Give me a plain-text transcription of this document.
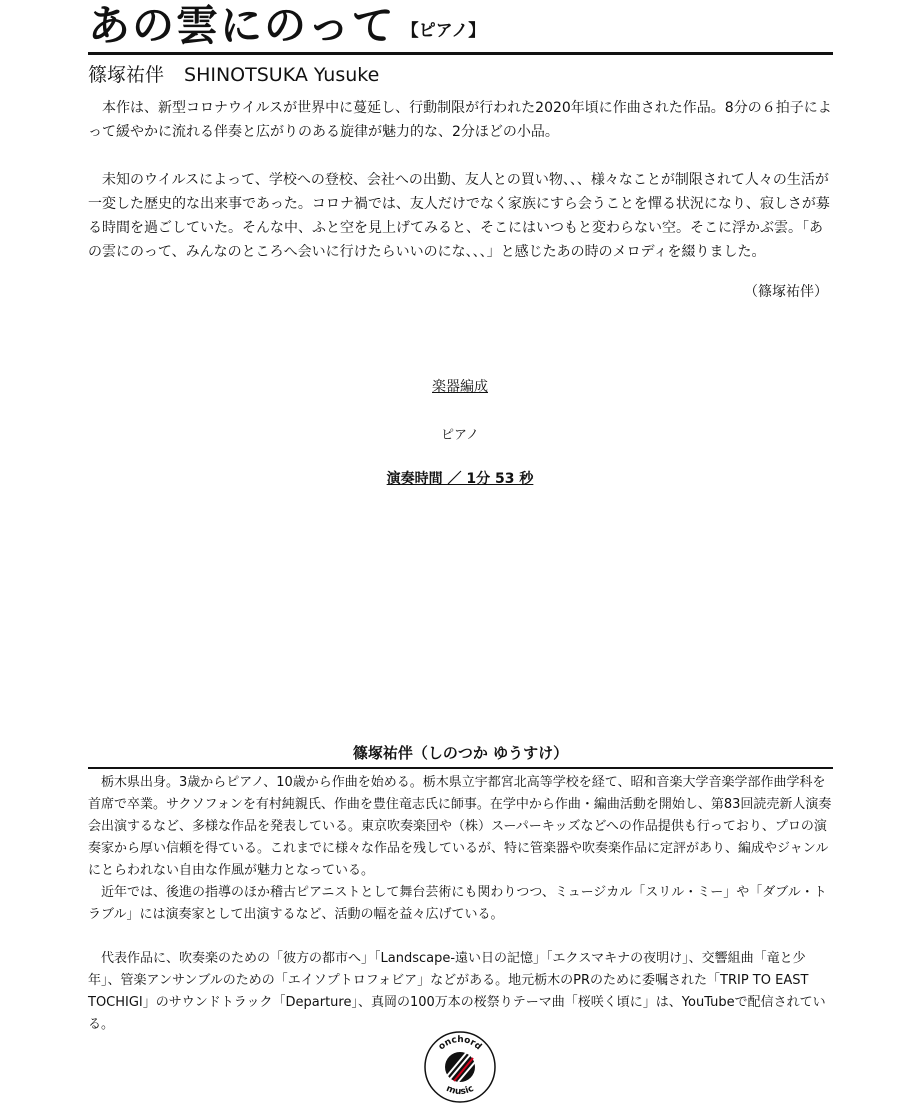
あの雲にのって 【ピアノ】
篠塚祐伴 SHINOTSUKA Yusuke

本作は、新型コロナウイルスが世界中に蔓延し、行動制限が行われた2020年頃に作曲された作品。8分の６拍子によって緩やかに流れる伴奏と広がりのある旋律が魅力的な、2分ほどの小品。

未知のウイルスによって、学校への登校、会社への出勤、友人との買い物、、、様々なことが制限されて人々の生活が一変した歴史的な出来事であった。コロナ禍では、友人だけでなく家族にすら会うことを憚る状況になり、寂しさが募る時間を過ごしていた。そんな中、ふと空を見上げてみると、そこにはいつもと変わらない空。そこに浮かぶ雲。「あの雲にのって、みんなのところへ会いに行けたらいいのにな、、、」と感じたあの時のメロディを綴りました。

（篠塚祐伴）
楽器編成
ピアノ
演奏時間 ／ 1分 53 秒
篠塚祐伴（しのつか ゆうすけ）

栃木県出身。3歳からピアノ、10歳から作曲を始める。栃木県立宇都宮北高等学校を経て、昭和音楽大学音楽学部作曲学科を首席で卒業。サクソフォンを有村純親氏、作曲を豊住竜志氏に師事。在学中から作曲・編曲活動を開始し、第83回読売新人演奏会出演するなど、多様な作品を発表している。東京吹奏楽団や（株）スーパーキッズなどへの作品提供も行っており、プロの演奏家から厚い信頼を得ている。これまでに様々な作品を残しているが、特に管楽器や吹奏楽作品に定評があり、編成やジャンルにとらわれない自由な作風が魅力となっている。

近年では、後進の指導のほか稽古ピアニストとして舞台芸術にも関わりつつ、ミュージカル「スリル・ミー」や「ダブル・トラブル」には演奏家として出演するなど、活動の幅を益々広げている。

代表作品に、吹奏楽のための「彼方の都市へ」「Landscape-遠い日の記憶」「エクスマキナの夜明け」、交響組曲「竜と少年」、管楽アンサンブルのための「エイソプトロフォビア」などがある。地元栃木のPRのために委嘱された「TRIP TO EAST TOCHIGI」のサウンドトラック「Departure」、真岡の100万本の桜祭りテーマ曲「桜咲く頃に」は、YouTubeで配信されている。

onchord
music
